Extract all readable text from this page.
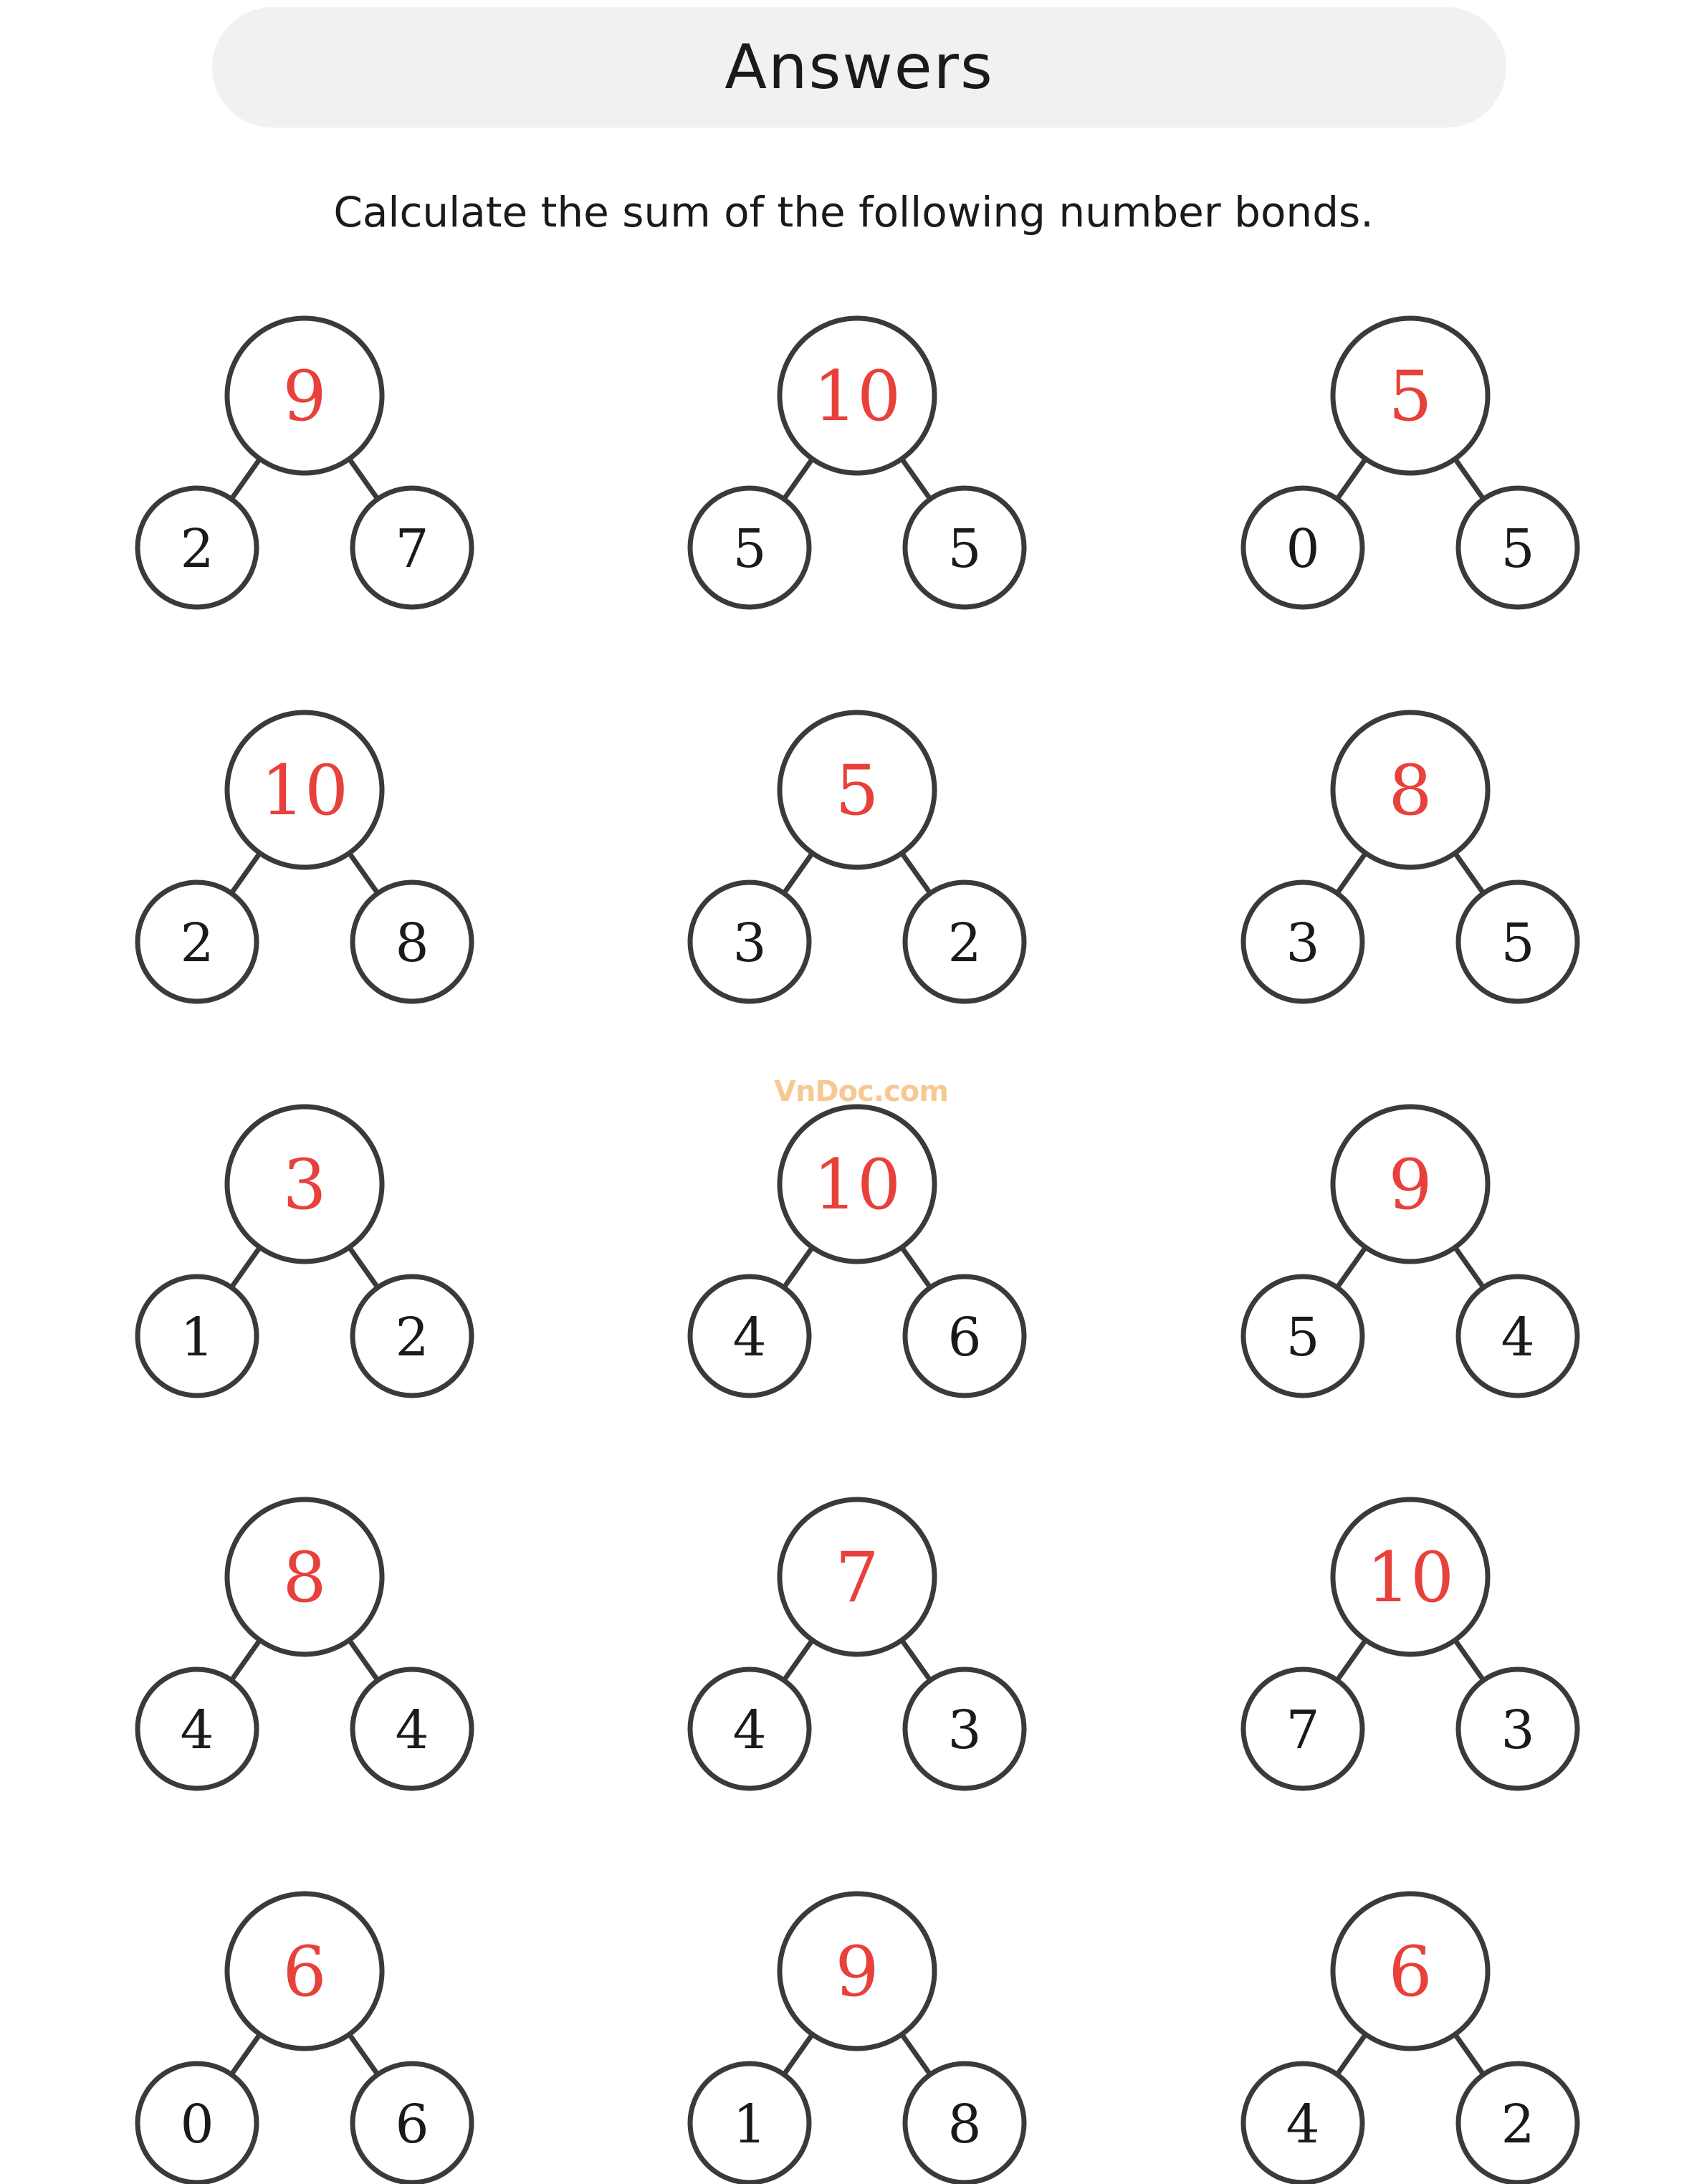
Answers
Calculate the sum of the following number bonds.
9
2	7
10
5	5
5
0	5
10
2	8
5
3	2
8
3	5
3
1	2
10
4	6
9
5	4
8
4	4
7
4	3
10
7	3
6
0	6
9
1	8
6
4	2
VnDoc.com
